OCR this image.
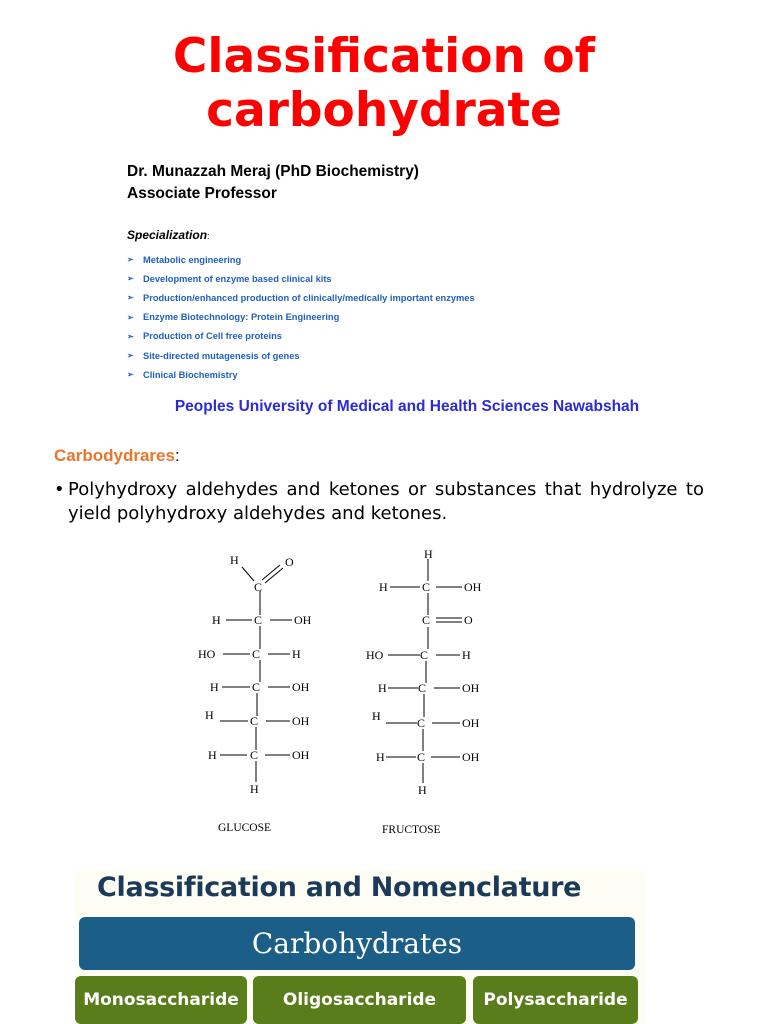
Classification of carbohydrate
Dr. Munazzah Meraj (PhD Biochemistry)
Associate Professor
Specialization:
➢ Metabolic engineering
➢ Development of enzyme based clinical kits
➢ Production/enhanced production of clinically/medically important enzymes
➢ Enzyme Biotechnology: Protein Engineering
➢ Production of Cell free proteins
➢ Site-directed mutagenesis of genes
➢ Clinical Biochemistry
Peoples University of Medical and Health Sciences Nawabshah
Carbodydrares:
• Polyhydroxy aldehydes and ketones or substances that hydrolyze to yield polyhydroxy aldehydes and ketones.
H	O
C
H	C	OH
HO	C	H
H	C	OH
H	C	OH
H	C	OH
H
GLUCOSE
H
H	C	OH
C	O
HO	C	H
H	C	OH
H	C	OH
H	C	OH
H
FRUCTOSE
Classification and Nomenclature
Carbohydrates
Monosaccharide	Oligosaccharide	Polysaccharide
